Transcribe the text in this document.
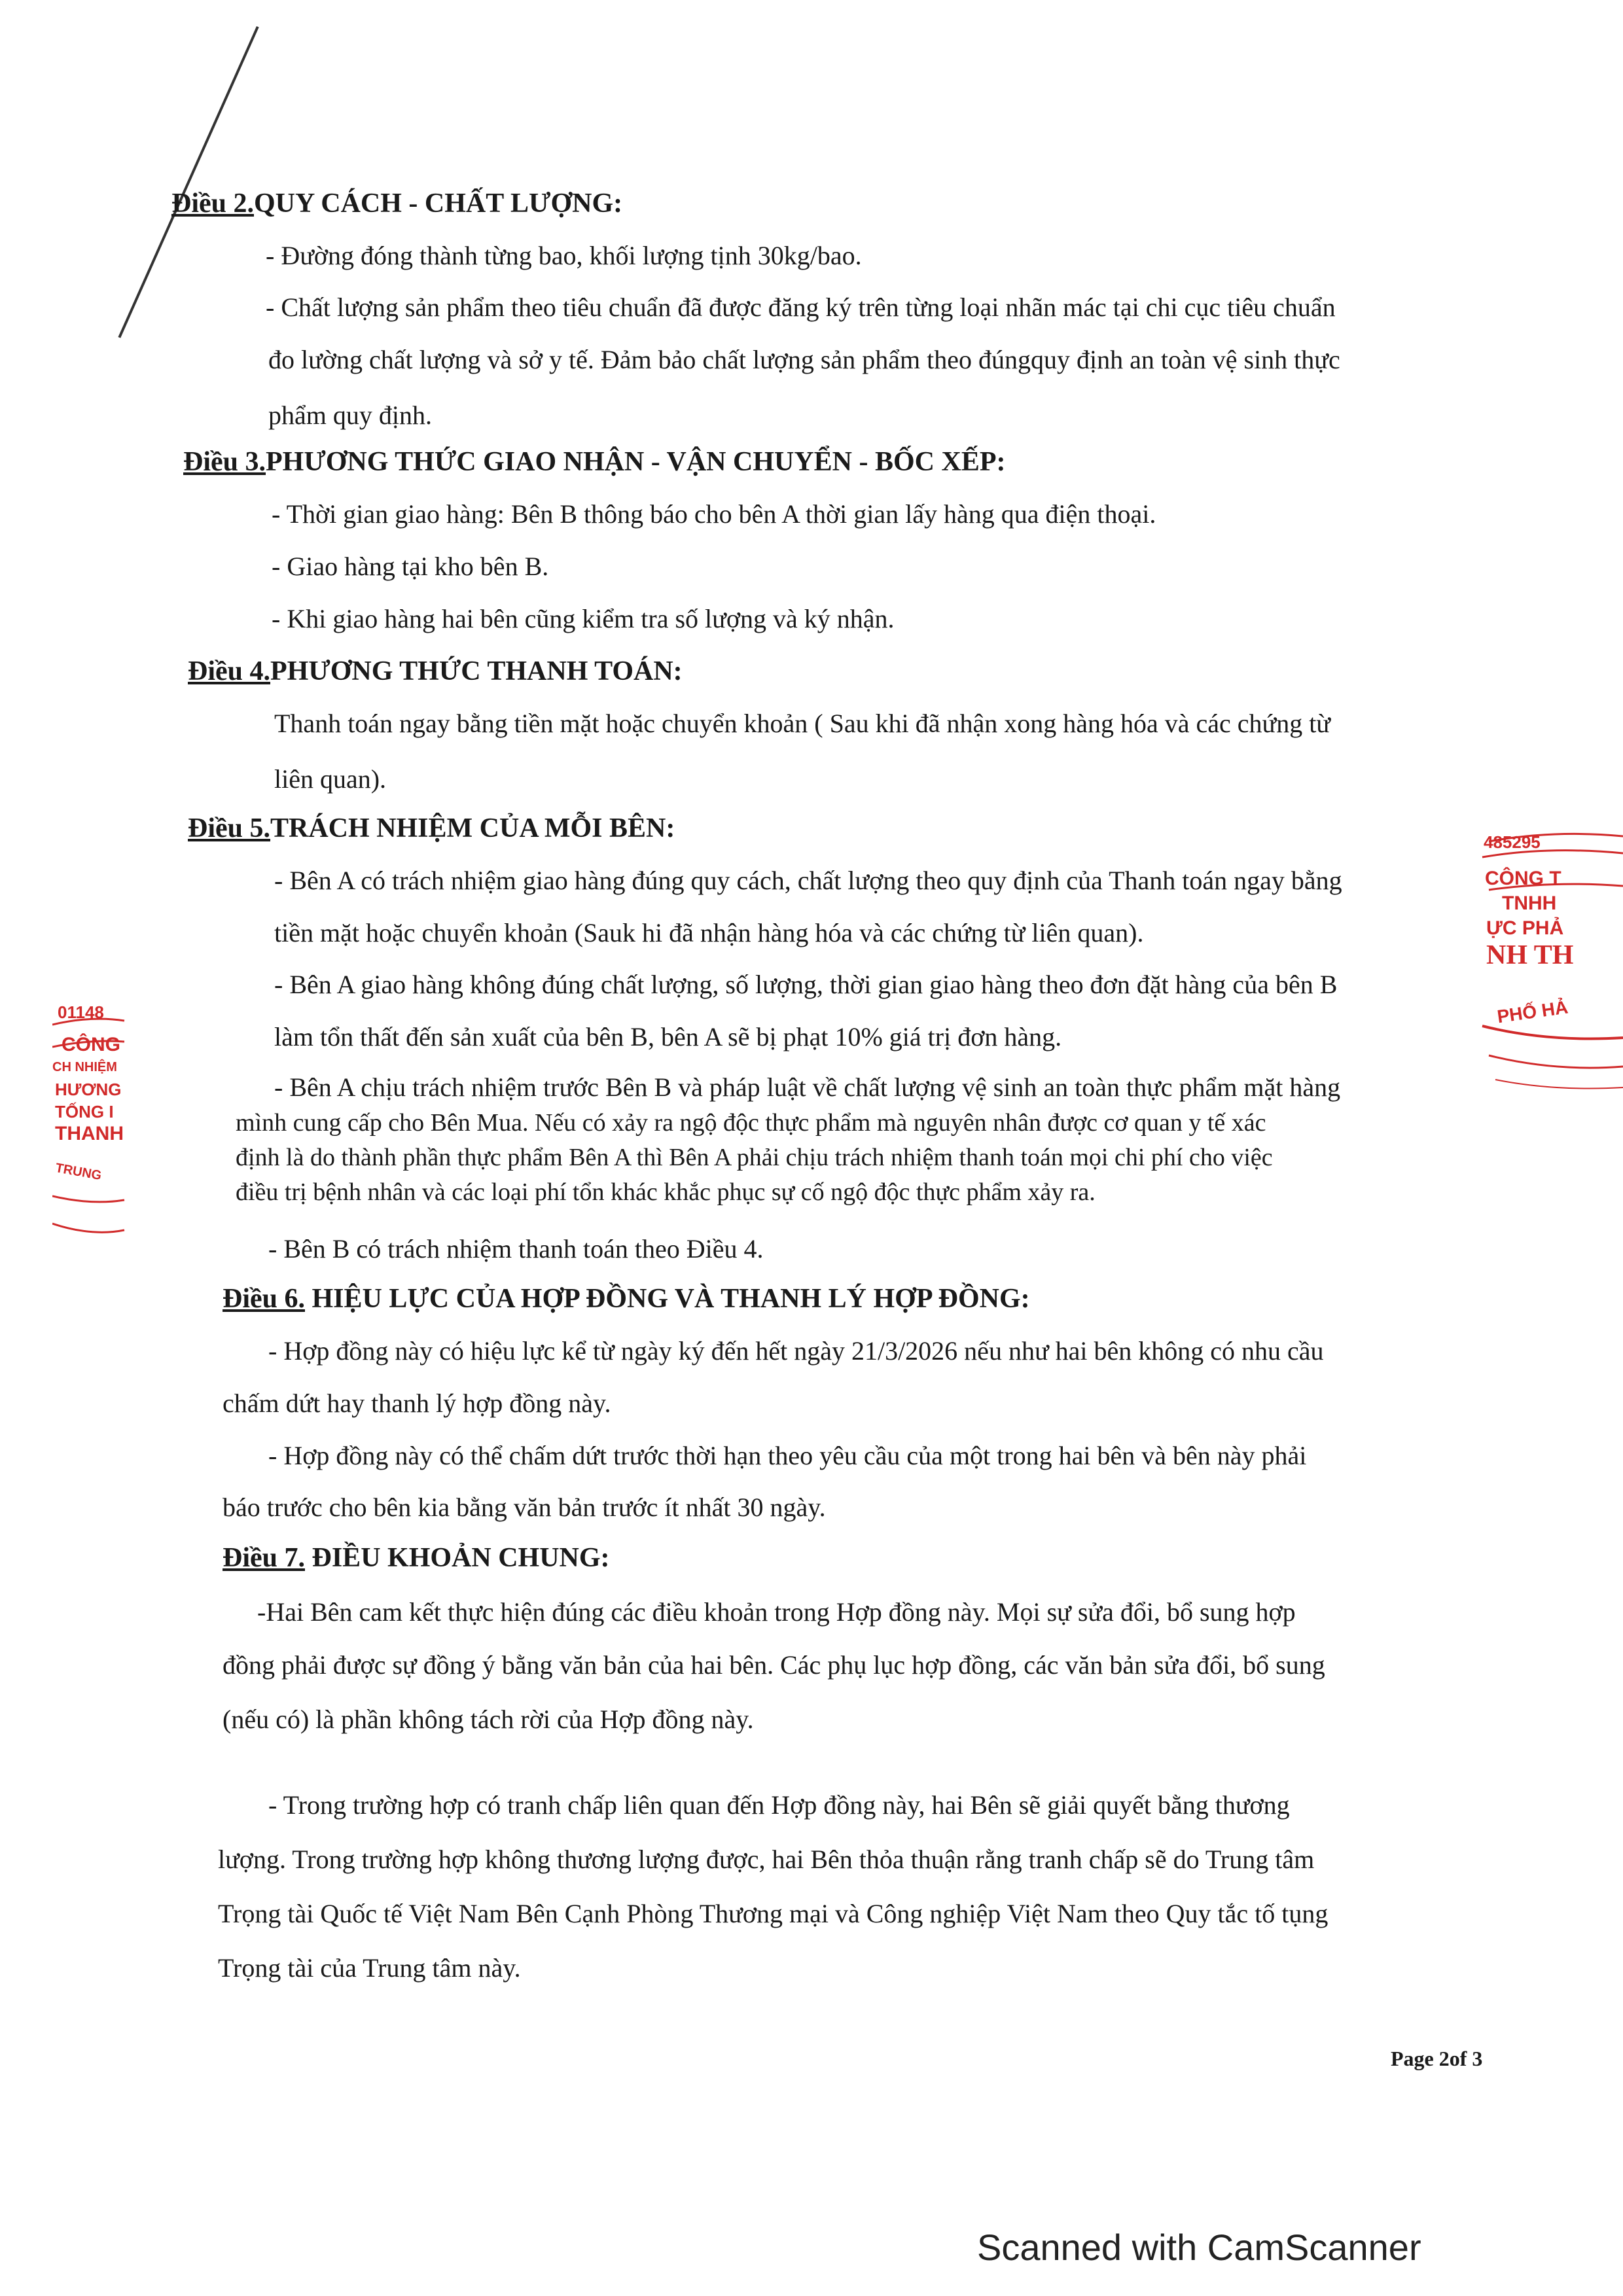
Điều 2.QUY CÁCH - CHẤT LƯỢNG:
- Đường đóng thành từng bao, khối lượng tịnh 30kg/bao.
- Chất lượng sản phẩm theo tiêu chuẩn đã được đăng ký trên từng loại nhãn mác tại chi cục tiêu chuẩn
đo lường chất lượng và sở y tế. Đảm bảo chất lượng sản phẩm theo đúngquy định an toàn vệ sinh thực
phẩm quy định.
Điều 3.PHƯƠNG THỨC GIAO NHẬN - VẬN CHUYỂN - BỐC XẾP:
- Thời gian giao hàng: Bên B thông báo cho bên A thời gian lấy hàng qua điện thoại.
- Giao hàng tại kho bên B.
- Khi giao hàng hai bên cũng kiểm tra số lượng và ký nhận.
Điều 4.PHƯƠNG THỨC THANH TOÁN:
Thanh toán ngay bằng tiền mặt hoặc chuyển khoản ( Sau khi đã nhận xong hàng hóa và các chứng từ
liên quan).
Điều 5.TRÁCH NHIỆM CỦA MỖI BÊN:
- Bên A có trách nhiệm giao hàng đúng quy cách, chất lượng theo quy định của Thanh toán ngay bằng
tiền mặt hoặc chuyển khoản (Sauk hi đã nhận hàng hóa và các chứng từ liên quan).
- Bên A giao hàng không đúng chất lượng, số lượng, thời gian giao hàng theo đơn đặt hàng của bên B
làm tổn thất đến sản xuất của bên B, bên A sẽ bị phạt 10% giá trị đơn hàng.
- Bên A chịu trách nhiệm trước Bên B và pháp luật về chất lượng vệ sinh an toàn thực phẩm mặt hàng
mình cung cấp cho Bên Mua. Nếu có xảy ra ngộ độc thực phẩm mà nguyên nhân được cơ quan y tế xác
định là do thành phần thực phẩm Bên A thì Bên A phải chịu trách nhiệm thanh toán mọi chi phí cho việc
điều trị bệnh nhân và các loại phí tổn khác khắc phục sự cố ngộ độc thực phẩm xảy ra.
- Bên B có trách nhiệm thanh toán theo Điều 4.
Điều 6. HIỆU LỰC CỦA HỢP ĐỒNG VÀ THANH LÝ HỢP ĐỒNG:
- Hợp đồng này có hiệu lực kể từ ngày ký đến hết ngày 21/3/2026 nếu như hai bên không có nhu cầu
chấm dứt hay thanh lý hợp đồng này.
- Hợp đồng này có thể chấm dứt trước thời hạn theo yêu cầu của một trong hai bên và bên này phải
báo trước cho bên kia bằng văn bản trước ít nhất 30 ngày.
Điều 7. ĐIỀU KHOẢN CHUNG:
-Hai Bên cam kết thực hiện đúng các điều khoản trong Hợp đồng này. Mọi sự sửa đổi, bổ sung hợp
đồng phải được sự đồng ý bằng văn bản của hai bên. Các phụ lục hợp đồng, các văn bản sửa đổi, bổ sung
(nếu có) là phần không tách rời của Hợp đồng này.
- Trong trường hợp có tranh chấp liên quan đến Hợp đồng này, hai Bên sẽ giải quyết bằng thương
lượng. Trong trường hợp không thương lượng được, hai Bên thỏa thuận rằng tranh chấp sẽ do Trung tâm
Trọng tài Quốc tế Việt Nam Bên Cạnh Phòng Thương mại và Công nghiệp Việt Nam theo Quy tắc tố tụng
Trọng tài của Trung tâm này.
Page 2of 3
485295
CÔNG T
TNHH
ỰC PHẢ
NH TH
PHỐ HẢ
01148
CÔNG
CH NHIỆM
HƯƠNG
TỐNG I
THANH
TRUNG
Scanned with CamScanner
